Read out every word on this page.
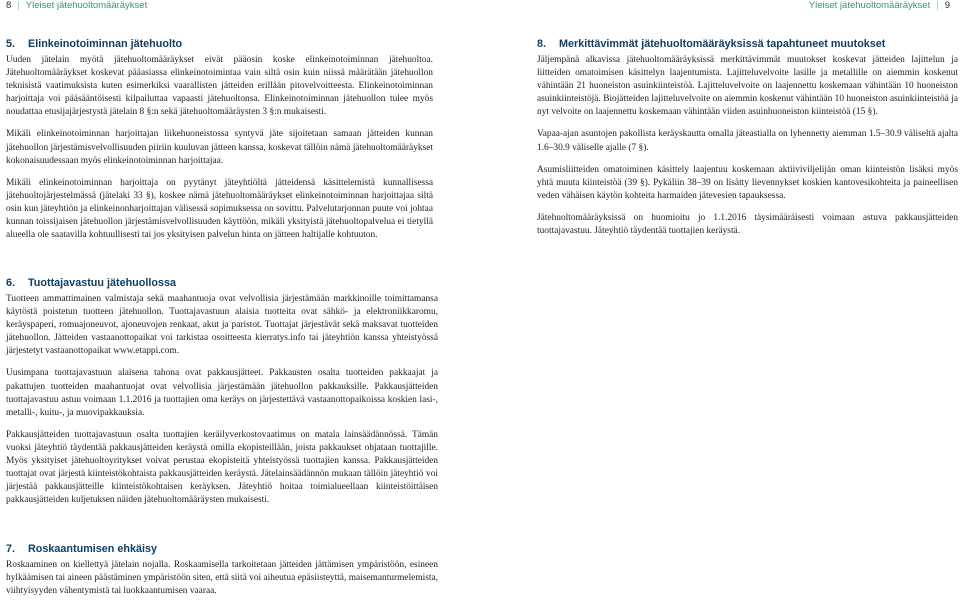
8 | Yleiset jätehuoltomääräykset	Yleiset jätehuoltomääräykset | 9
5. Elinkeinotoiminnan jätehuolto

Uuden jätelain myötä jätehuoltomääräykset eivät pääosin koske elinkeinotoiminnan jätehuoltoa. Jätehuoltomääräykset koskevat pääasiassa elinkeinotoimintaa vain siltä osin kuin niissä määrätään jätehuollon teknisistä vaatimuksista kuten esimerkiksi vaarallisten jätteiden erillään pitovelvoitteesta. Elinkeinotoiminnan harjoittaja voi pääsääntöisesti kilpailuttaa vapaasti jätehuoltonsa. Elinkeinotoiminnan jätehuollon tulee myös noudattaa etusijajärjestystä jätelain 8 §:n sekä jätehuoltomääräysten 3 §:n mukaisesti.

Mikäli elinkeinotoiminnan harjoittajan liikehuoneistossa syntyvä jäte sijoitetaan samaan jätteiden kunnan jätehuollon järjestämisvelvollisuuden piiriin kuuluvan jätteen kanssa, koskevat tällöin nämä jätehuoltomääräykset kokonaisuudessaan myös elinkeinotoiminnan harjoittajaa.

Mikäli elinkeinotoiminnan harjoittaja on pyytänyt jäteyhtiöltä jätteidensä käsittelemistä kunnallisessa jätehuoltojärjestelmässä (jätelaki 33 §), koskee nämä jätehuoltomääräykset elinkeinotoiminnan harjoittajaa siltä osin kun jäteyhtiön ja elinkeinonharjoittajan välisessä sopimuksessa on sovittu. Palvelutarjonnan puute voi johtaa kunnan toissijaisen jätehuollon järjestämisvelvollisuuden käyttöön, mikäli yksityistä jätehuoltopalvelua ei tietyllä alueella ole saatavilla kohtuullisesti tai jos yksityisen palvelun hinta on jätteen haltijalle kohtuuton.

6. Tuottajavastuu jätehuollossa

Tuotteen ammattimainen valmistaja sekä maahantuoja ovat velvollisia järjestämään markkinoille toimittamansa käytöstä poistetun tuotteen jätehuollon. Tuottajavastuun alaisia tuotteita ovat sähkö- ja elektroniikkaromu, keräyspaperi, romuajoneuvot, ajoneuvojen renkaat, akut ja paristot. Tuottajat järjestävät sekä maksavat tuotteiden jätehuollon. Jätteiden vastaanottopaikat voi tarkistaa osoitteesta kierratys.info tai jäteyhtiön kanssa yhteistyössä järjestetyt vastaanottopaikat www.etappi.com.

Uusimpana tuottajavastuun alaisena tahona ovat pakkausjätteet. Pakkausten osalta tuotteiden pakkaajat ja pakattujen tuotteiden maahantuojat ovat velvollisia järjestämään jätehuollon pakkauksille. Pakkausjätteiden tuottajavastuu astuu voimaan 1.1.2016 ja tuottajien oma keräys on järjestettävä vastaanottopaikoissa koskien lasi-, metalli-, kuitu-, ja muovipakkauksia.

Pakkausjätteiden tuottajavastuun osalta tuottajien keräilyverkostovaatimus on matala lainsäädännössä. Tämän vuoksi jäteyhtiö täydentää pakkausjätteiden keräystä omilla ekopisteillään, joista pakkaukset ohjataan tuottajille. Myös yksityiset jätehuoltoyritykset voivat perustaa ekopisteitä yhteistyössä tuottajien kanssa. Pakkausjätteiden tuottajat ovat järjestä kiinteistökohtaista pakkausjätteiden keräystä. Jätelainsäädännön mukaan tällöin jäteyhtiö voi järjestää pakkausjätteille kiinteistökohtaisen keräyksen. Jäteyhtiö hoitaa toimialueellaan kiinteistöittäisen pakkausjätteiden kuljetuksen näiden jätehuoltomääräysten mukaisesti.

7. Roskaantumisen ehkäisy

Roskaaminen on kiellettyä jätelain nojalla. Roskaamisella tarkoitetaan jätteiden jättämisen ympäristöön, esineen hylkäämisen tai aineen päästäminen ympäristöön siten, että siitä voi aiheutua epäsiisteyttä, maisemanturmelemista, viihtyisyyden vähentymistä tai luokkaantumisen vaaraa.

8. Merkittävimmät jätehuoltomääräyksissä tapahtuneet muutokset

Jäljempänä alkavissa jätehuoltomääräyksissä merkittävimmät muutokset koskevat jätteiden lajittelun ja liitteiden omatoimisen käsittelyn laajentumista. Lajitteluvelvoite lasille ja metallille on aiemmin koskenut vähintään 21 huoneiston asuinkiinteistöä. Lajitteluvelvoite on laajennettu koskemaan vähintään 10 huoneiston asuinkiinteistöjä. Biojätteiden lajitteluvelvoite on aiemmin koskenut vähintään 10 huoneiston asuinkiinteistöä ja nyt velvoite on laajennettu koskemaan vähintään viiden asuinhuoneiston kiinteistöä (15 §).

Vapaa-ajan asuntojen pakollista keräyskautta omalla jäteastialla on lyhennetty aiemman 1.5–30.9 väliseltä ajalta 1.6–30.9 väliselle ajalle (7 §).

Asumisliitteiden omatoiminen käsittely laajentuu koskemaan aktiiviviljelijän oman kiinteistön lisäksi myös yhtä muuta kiinteistöä (39 §). Pykäliin 38–39 on lisätty lievennykset koskien kantovesikohteita ja paineellisen veden vähäisen käytön kohteita harmaiden jätevesien tapauksessa.

Jätehuoltomääräyksissä on huomioitu jo 1.1.2016 täysimääräisesti voimaan astuva pakkausjätteiden tuottajavastuu. Jäteyhtiö täydentää tuottajien keräystä.
